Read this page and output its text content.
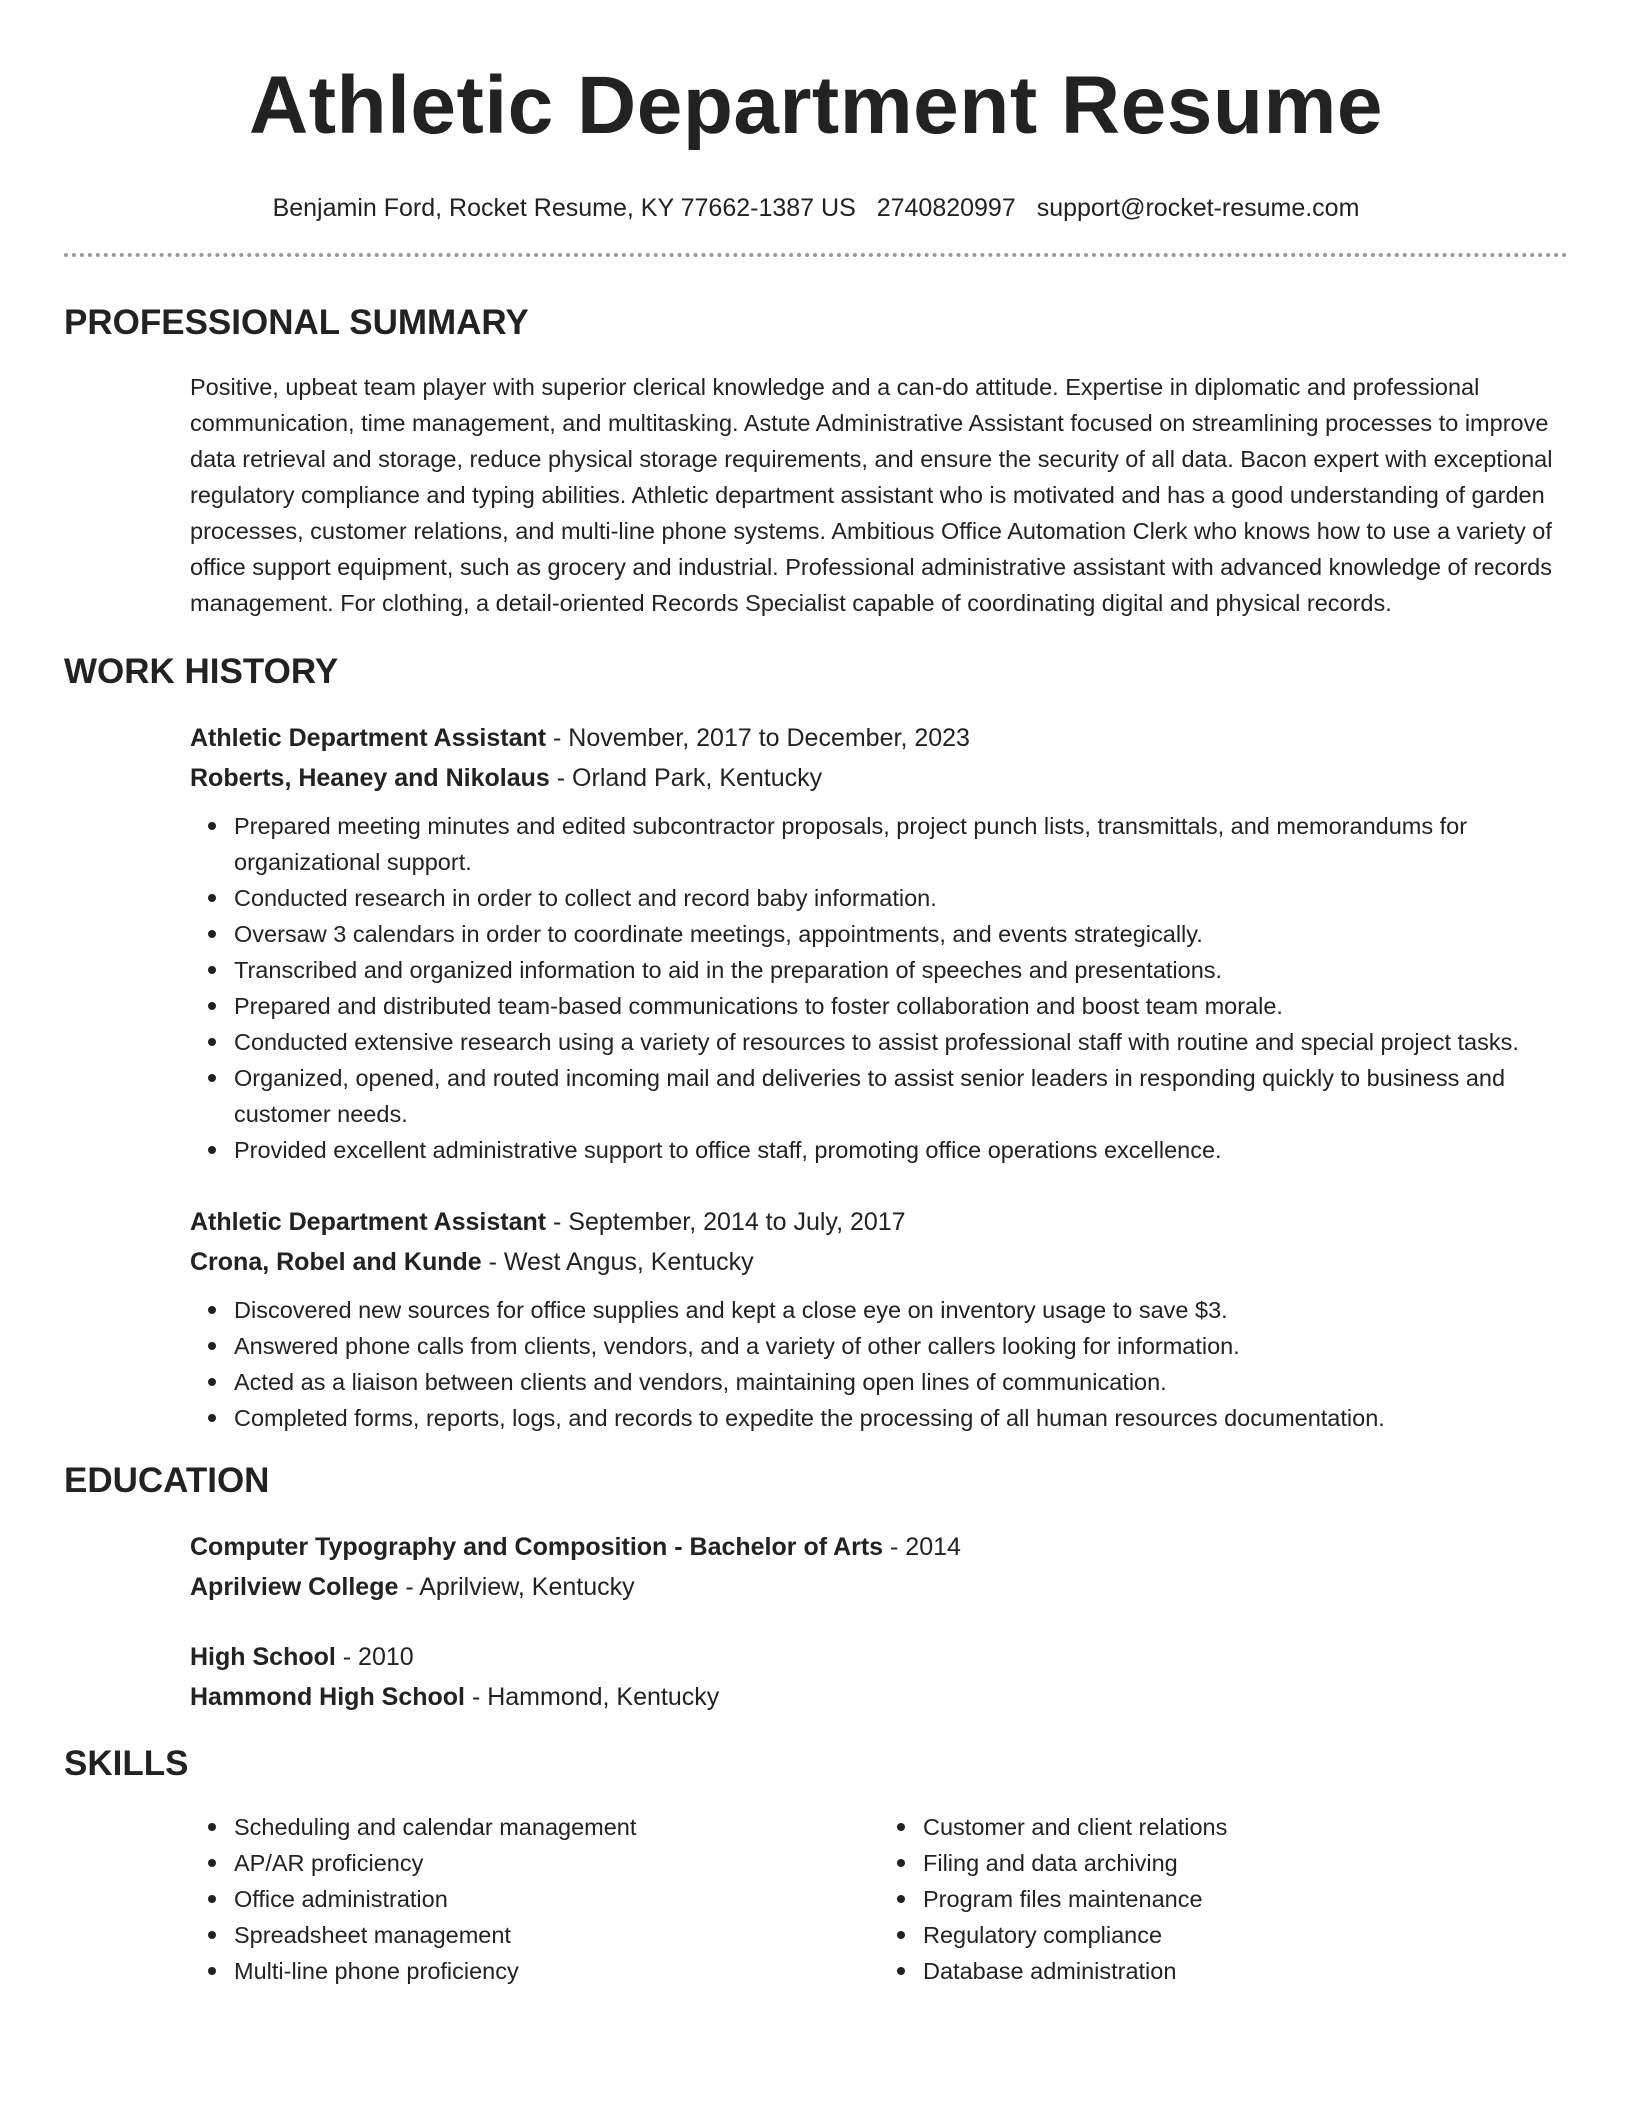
Athletic Department Resume
Benjamin Ford, Rocket Resume, KY 77662-1387 US 2740820997 support@rocket-resume.com
PROFESSIONAL SUMMARY

Positive, upbeat team player with superior clerical knowledge and a can-do attitude. Expertise in diplomatic and professional communication, time management, and multitasking. Astute Administrative Assistant focused on streamlining processes to improve data retrieval and storage, reduce physical storage requirements, and ensure the security of all data. Bacon expert with exceptional regulatory compliance and typing abilities. Athletic department assistant who is motivated and has a good understanding of garden processes, customer relations, and multi-line phone systems. Ambitious Office Automation Clerk who knows how to use a variety of office support equipment, such as grocery and industrial. Professional administrative assistant with advanced knowledge of records management. For clothing, a detail-oriented Records Specialist capable of coordinating digital and physical records.

WORK HISTORY
Athletic Department Assistant - November, 2017 to December, 2023
Roberts, Heaney and Nikolaus - Orland Park, Kentucky
Prepared meeting minutes and edited subcontractor proposals, project punch lists, transmittals, and memorandums for organizational support.
Conducted research in order to collect and record baby information.
Oversaw 3 calendars in order to coordinate meetings, appointments, and events strategically.
Transcribed and organized information to aid in the preparation of speeches and presentations.
Prepared and distributed team-based communications to foster collaboration and boost team morale.
Conducted extensive research using a variety of resources to assist professional staff with routine and special project tasks.
Organized, opened, and routed incoming mail and deliveries to assist senior leaders in responding quickly to business and customer needs.
Provided excellent administrative support to office staff, promoting office operations excellence.
Athletic Department Assistant - September, 2014 to July, 2017
Crona, Robel and Kunde - West Angus, Kentucky
Discovered new sources for office supplies and kept a close eye on inventory usage to save $3.
Answered phone calls from clients, vendors, and a variety of other callers looking for information.
Acted as a liaison between clients and vendors, maintaining open lines of communication.
Completed forms, reports, logs, and records to expedite the processing of all human resources documentation.
EDUCATION
Computer Typography and Composition - Bachelor of Arts - 2014
Aprilview College - Aprilview, Kentucky
High School - 2010
Hammond High School - Hammond, Kentucky
SKILLS
Scheduling and calendar management
AP/AR proficiency
Office administration
Spreadsheet management
Multi-line phone proficiency
Customer and client relations
Filing and data archiving
Program files maintenance
Regulatory compliance
Database administration
